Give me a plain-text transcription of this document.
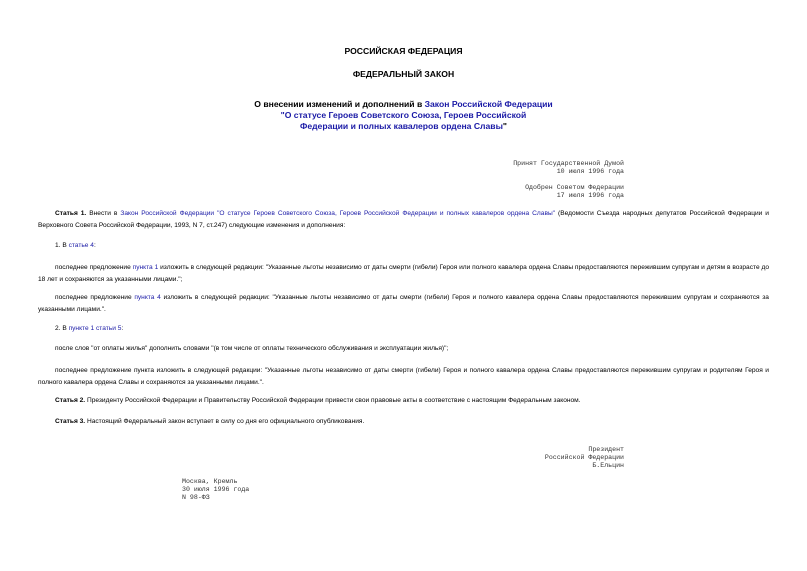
РОССИЙСКАЯ ФЕДЕРАЦИЯ
ФЕДЕРАЛЬНЫЙ ЗАКОН
О внесении изменений и дополнений в Закон Российской Федерации
"О статусе Героев Советского Союза, Героев Российской
Федерации и полных кавалеров ордена Славы"
Принят Государственной Думой
10 июля 1996 года
Одобрен Советом Федерации
17 июля 1996 года
Статья 1. Внести в Закон Российской Федерации "О статусе Героев Советского Союза, Героев Российской Федерации и полных кавалеров ордена Славы" (Ведомости Съезда народных депутатов Российской Федерации и Верховного Совета Российской Федерации, 1993, N 7, ст.247) следующие изменения и дополнения:
1. В статье 4:
последнее предложение пункта 1 изложить в следующей редакции: "Указанные льготы независимо от даты смерти (гибели) Героя или полного кавалера ордена Славы предоставляются пережившим супругам и детям в возрасте до 18 лет и сохраняются за указанными лицами.";
последнее предложение пункта 4 изложить в следующей редакции: "Указанные льготы независимо от даты смерти (гибели) Героя и полного кавалера ордена Славы предоставляются пережившим супругам и сохраняются за указанными лицами.".
2. В пункте 1 статьи 5:
после слов "от оплаты жилья" дополнить словами "(в том числе от оплаты технического обслуживания и эксплуатации жилья)";
последнее предложение пункта изложить в следующей редакции: "Указанные льготы независимо от даты смерти (гибели) Героя и полного кавалера ордена Славы предоставляются пережившим супругам и родителям Героя и полного кавалера ордена Славы и сохраняются за указанными лицами.".
Статья 2. Президенту Российской Федерации и Правительству Российской Федерации привести свои правовые акты в соответствие с настоящим Федеральным законом.
Статья 3. Настоящий Федеральный закон вступает в силу со дня его официального опубликования.
Президент
Российской Федерации
Б.Ельцин
Москва, Кремль
30 июля 1996 года
N 98-ФЗ
